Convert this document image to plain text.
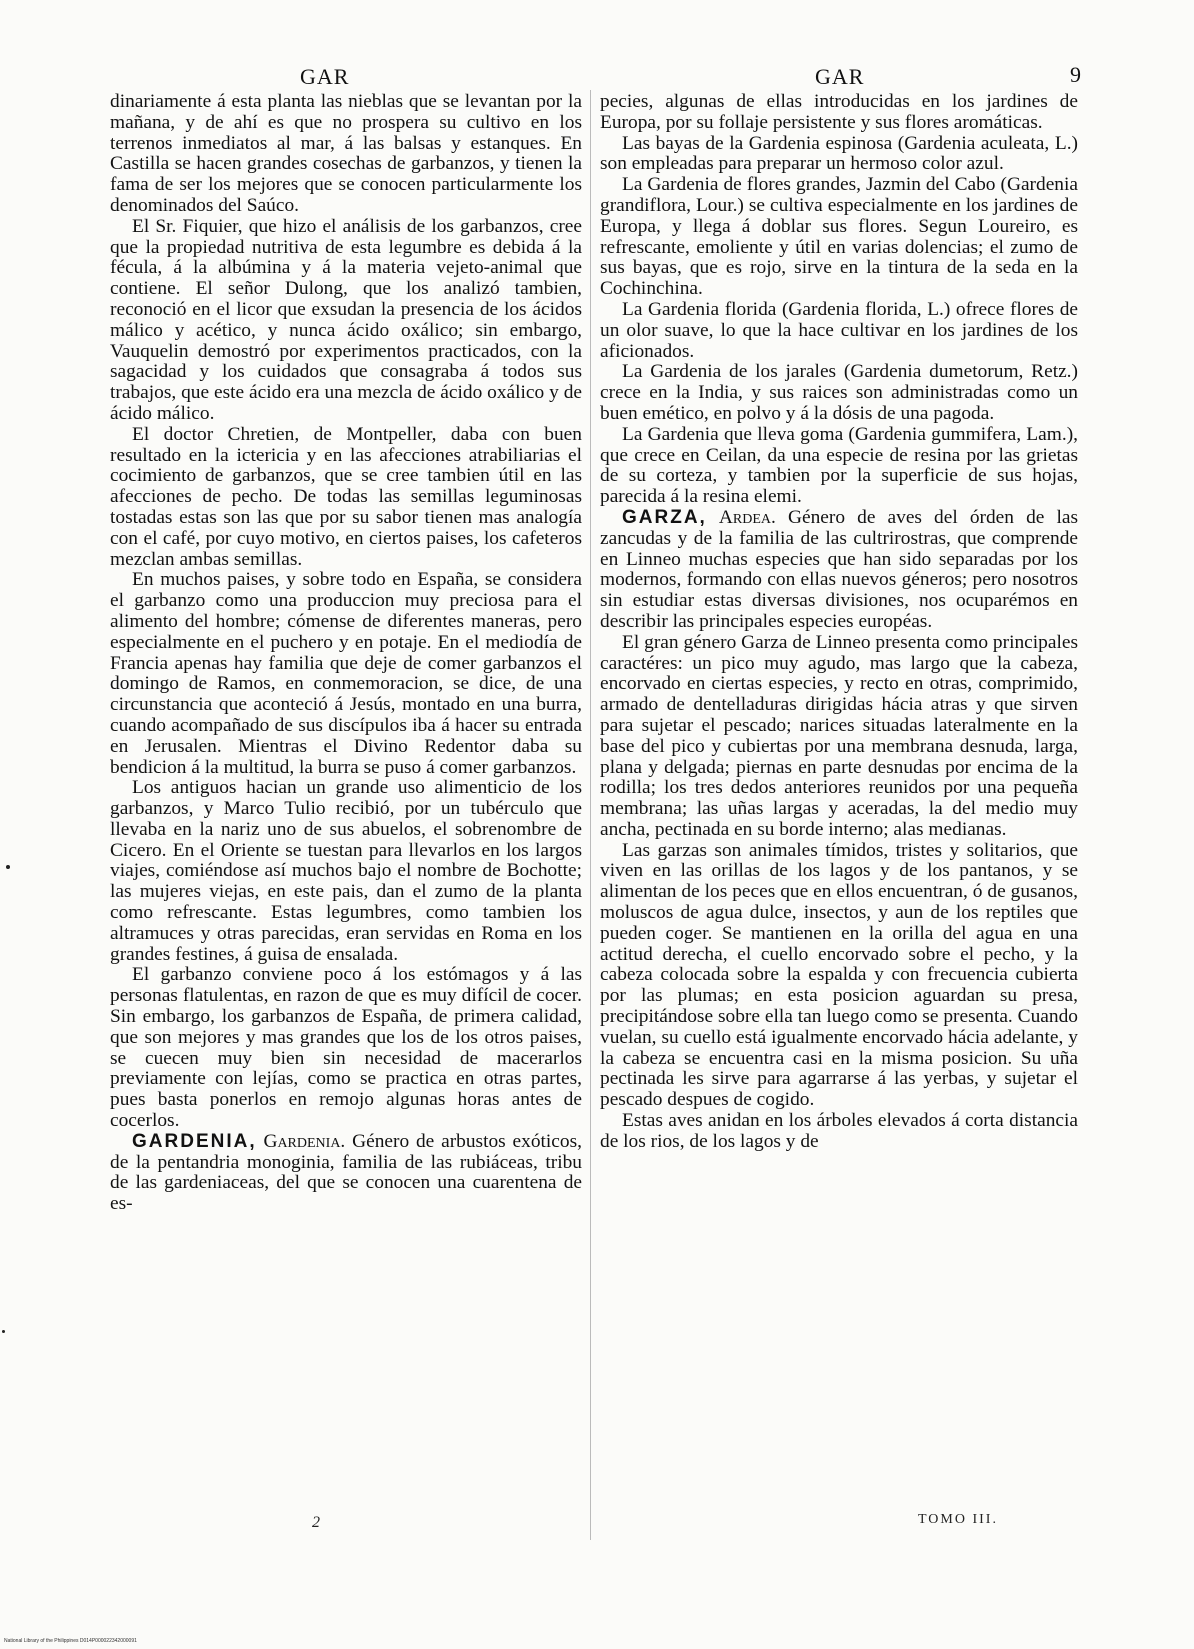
GAR	GAR	9

dinariamente á esta planta las nieblas que se levantan por la mañana, y de ahí es que no prospera su cultivo en los terrenos inmediatos al mar, á las balsas y estanques. En Castilla se hacen grandes cosechas de garbanzos, y tienen la fama de ser los mejores que se conocen particularmente los denominados del Saúco.

El Sr. Fiquier, que hizo el análisis de los garbanzos, cree que la propiedad nutritiva de esta legumbre es debida á la fécula, á la albúmina y á la materia vejeto-animal que contiene. El señor Dulong, que los analizó tambien, reconoció en el licor que exsudan la presencia de los ácidos málico y acético, y nunca ácido oxálico; sin embargo, Vauquelin demostró por experimentos practicados, con la sagacidad y los cuidados que consagraba á todos sus trabajos, que este ácido era una mezcla de ácido oxálico y de ácido málico.

El doctor Chretien, de Montpeller, daba con buen resultado en la ictericia y en las afecciones atrabiliarias el cocimiento de garbanzos, que se cree tambien útil en las afecciones de pecho. De todas las semillas leguminosas tostadas estas son las que por su sabor tienen mas analogía con el café, por cuyo motivo, en ciertos paises, los cafeteros mezclan ambas semillas.

En muchos paises, y sobre todo en España, se considera el garbanzo como una produccion muy preciosa para el alimento del hombre; cómense de diferentes maneras, pero especialmente en el puchero y en potaje. En el mediodía de Francia apenas hay familia que deje de comer garbanzos el domingo de Ramos, en conmemoracion, se dice, de una circunstancia que aconteció á Jesús, montado en una burra, cuando acompañado de sus discípulos iba á hacer su entrada en Jerusalen. Mientras el Divino Redentor daba su bendicion á la multitud, la burra se puso á comer garbanzos.

Los antiguos hacian un grande uso alimenticio de los garbanzos, y Marco Tulio recibió, por un tubérculo que llevaba en la nariz uno de sus abuelos, el sobrenombre de Cicero. En el Oriente se tuestan para llevarlos en los largos viajes, comiéndose así muchos bajo el nombre de Bochotte; las mujeres viejas, en este pais, dan el zumo de la planta como refrescante. Estas legumbres, como tambien los altramuces y otras parecidas, eran servidas en Roma en los grandes festines, á guisa de ensalada.

El garbanzo conviene poco á los estómagos y á las personas flatulentas, en razon de que es muy difícil de cocer. Sin embargo, los garbanzos de España, de primera calidad, que son mejores y mas grandes que los de los otros paises, se cuecen muy bien sin necesidad de macerarlos previamente con lejías, como se practica en otras partes, pues basta ponerlos en remojo algunas horas antes de cocerlos.

GARDENIA, Gardenia. Género de arbustos exóticos, de la pentandria monoginia, familia de las rubiáceas, tribu de las gardeniaceas, del que se conocen una cuarentena de es-

pecies, algunas de ellas introducidas en los jardines de Europa, por su follaje persistente y sus flores aromáticas.

Las bayas de la Gardenia espinosa (Gardenia aculeata, L.) son empleadas para preparar un hermoso color azul.

La Gardenia de flores grandes, Jazmin del Cabo (Gardenia grandiflora, Lour.) se cultiva especialmente en los jardines de Europa, y llega á doblar sus flores. Segun Loureiro, es refrescante, emoliente y útil en varias dolencias; el zumo de sus bayas, que es rojo, sirve en la tintura de la seda en la Cochinchina.

La Gardenia florida (Gardenia florida, L.) ofrece flores de un olor suave, lo que la hace cultivar en los jardines de los aficionados.

La Gardenia de los jarales (Gardenia dumetorum, Retz.) crece en la India, y sus raices son administradas como un buen emético, en polvo y á la dósis de una pagoda.

La Gardenia que lleva goma (Gardenia gummifera, Lam.), que crece en Ceilan, da una especie de resina por las grietas de su corteza, y tambien por la superficie de sus hojas, parecida á la resina elemi.

GARZA, Ardea. Género de aves del órden de las zancudas y de la familia de las cultrirostras, que comprende en Linneo muchas especies que han sido separadas por los modernos, formando con ellas nuevos géneros; pero nosotros sin estudiar estas diversas divisiones, nos ocuparémos en describir las principales especies européas.

El gran género Garza de Linneo presenta como principales caractéres: un pico muy agudo, mas largo que la cabeza, encorvado en ciertas especies, y recto en otras, comprimido, armado de dentelladuras dirigidas hácia atras y que sirven para sujetar el pescado; narices situadas lateralmente en la base del pico y cubiertas por una membrana desnuda, larga, plana y delgada; piernas en parte desnudas por encima de la rodilla; los tres dedos anteriores reunidos por una pequeña membrana; las uñas largas y aceradas, la del medio muy ancha, pectinada en su borde interno; alas medianas.

Las garzas son animales tímidos, tristes y solitarios, que viven en las orillas de los lagos y de los pantanos, y se alimentan de los peces que en ellos encuentran, ó de gusanos, moluscos de agua dulce, insectos, y aun de los reptiles que pueden coger. Se mantienen en la orilla del agua en una actitud derecha, el cuello encorvado sobre el pecho, y la cabeza colocada sobre la espalda y con frecuencia cubierta por las plumas; en esta posicion aguardan su presa, precipitándose sobre ella tan luego como se presenta. Cuando vuelan, su cuello está igualmente encorvado hácia adelante, y la cabeza se encuentra casi en la misma posicion. Su uña pectinada les sirve para agarrarse á las yerbas, y sujetar el pescado despues de cogido.

Estas aves anidan en los árboles elevados á corta distancia de los rios, de los lagos y de

2	TOMO III.
National Library of the Philippines D014P000022342000091
